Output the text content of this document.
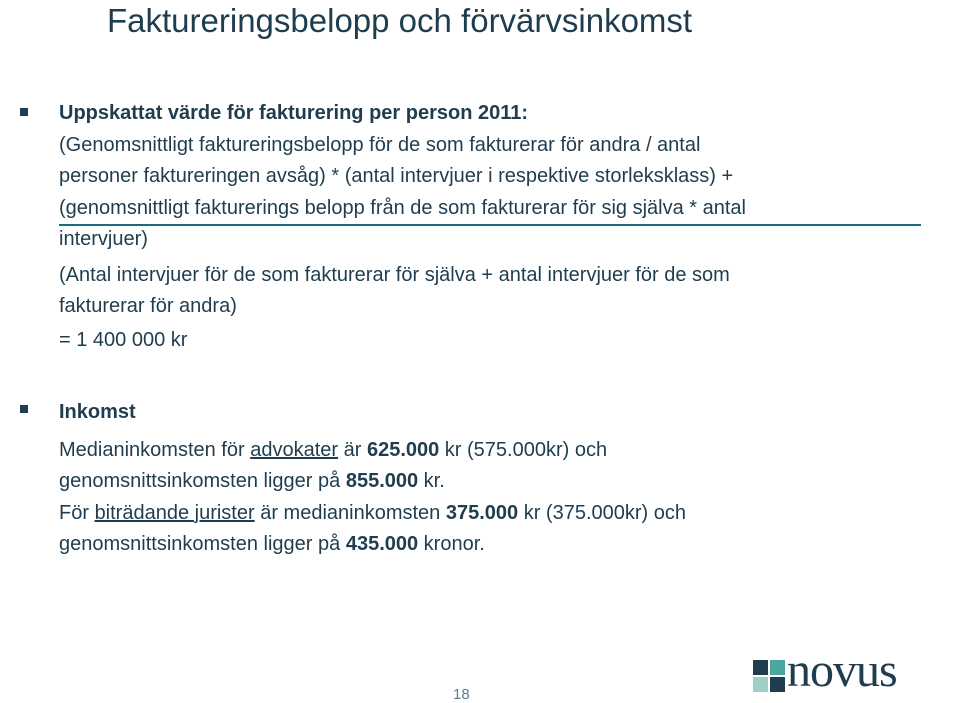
Faktureringsbelopp och förvärvsinkomst
Uppskattat värde för fakturering per person 2011:
(Genomsnittligt faktureringsbelopp för de som fakturerar för andra / antal
personer faktureringen avsåg) * (antal intervjuer i respektive storleksklass) +
(genomsnittligt fakturerings belopp från de som fakturerar för sig själva * antal
intervjuer)
(Antal intervjuer för de som fakturerar för själva + antal intervjuer för de som
fakturerar för andra)
= 1 400 000 kr
Inkomst
Medianinkomsten för advokater är 625.000 kr (575.000kr) och
genomsnittsinkomsten ligger på 855.000 kr.
För biträdande jurister är medianinkomsten 375.000 kr (375.000kr) och
genomsnittsinkomsten ligger på 435.000 kronor.
18	novus
